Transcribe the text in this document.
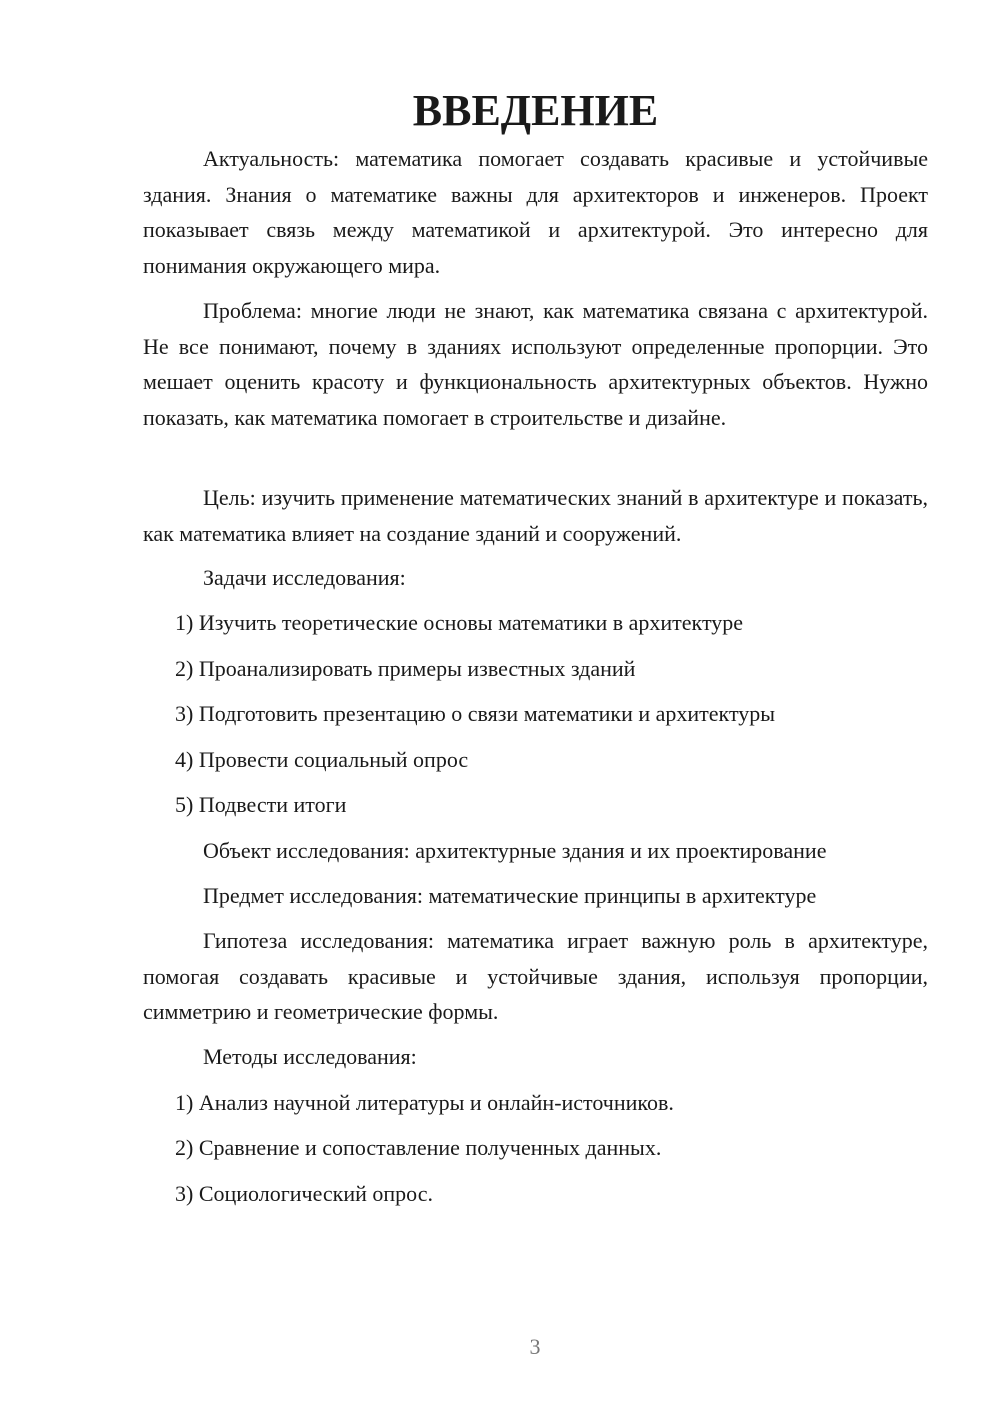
ВВЕДЕНИЕ

Актуальность: математика помогает создавать красивые и устойчивые здания. Знания о математике важны для архитекторов и инженеров. Проект показывает связь между математикой и архитектурой. Это интересно для понимания окружающего мира.

Проблема: многие люди не знают, как математика связана с архитектурой. Не все понимают, почему в зданиях используют определенные пропорции. Это мешает оценить красоту и функциональность архитектурных объектов. Нужно показать, как математика помогает в строительстве и дизайне.

Цель: изучить применение математических знаний в архитектуре и показать, как математика влияет на создание зданий и сооружений.

Задачи исследования:

1) Изучить теоретические основы математики в архитектуре

2) Проанализировать примеры известных зданий

3) Подготовить презентацию о связи математики и архитектуры

4) Провести социальный опрос

5) Подвести итоги

Объект исследования: архитектурные здания и их проектирование

Предмет исследования: математические принципы в архитектуре

Гипотеза исследования: математика играет важную роль в архитектуре, помогая создавать красивые и устойчивые здания, используя пропорции, симметрию и геометрические формы.

Методы исследования:

1) Анализ научной литературы и онлайн-источников.

2) Сравнение и сопоставление полученных данных.

3) Социологический опрос.

3
